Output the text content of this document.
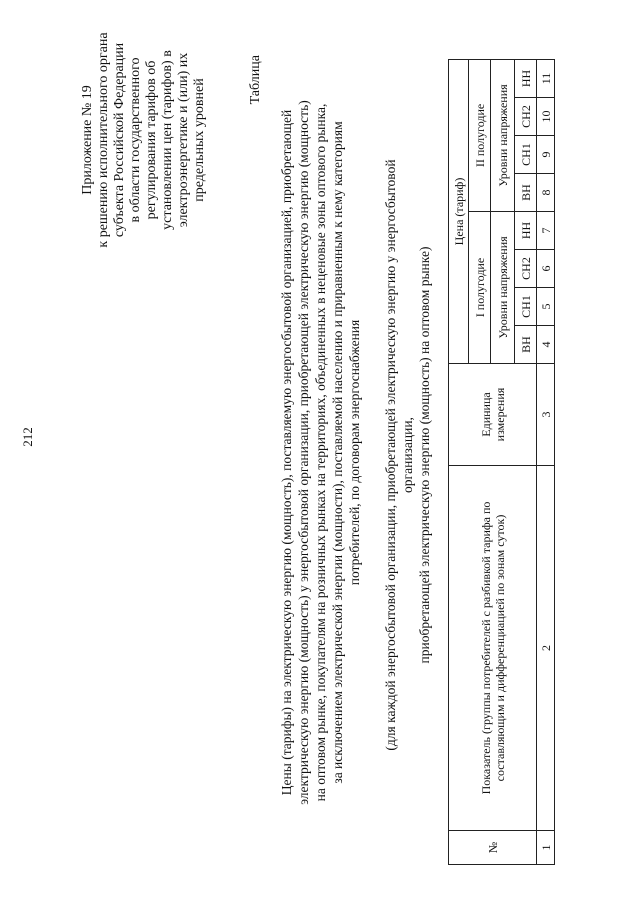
212
Приложение № 19 к решению исполнительного органа субъекта Российской Федерации в области государственного регулирования тарифов об установлении цен (тарифов) в электроэнергетике и (или) их предельных уровней	Таблица
Цены (тарифы) на электрическую энергию (мощность), поставляемую энергосбытовой организацией, приобретающей электрическую энергию (мощность) у энергосбытовой организации, приобретающей электрическую энергию (мощность) на оптовом рынке, покупателям на розничных рынках на территориях, объединенных в неценовые зоны оптового рынка, за исключением электрической энергии (мощности), поставляемой населению и приравненным к нему категориям потребителей, по договорам энергоснабжения (для каждой энергосбытовой организации, приобретающей электрическую энергию у энергосбытовой организации, приобретающей электрическую энергию (мощность) на оптовом рынке)
№	Показатель (группы потребителей с разбивкой тарифа по составляющим и дифференциацией по зонам суток)	Единица измерения	Цена (тариф)							
			I полугодие				II полугодие			
			Уровни напряжения				Уровни напряжения			
			ВН	СН1	СН2	НН	ВН	СН1	СН2	НН
1	2	3	4	5	6	7	8	9	10	11
